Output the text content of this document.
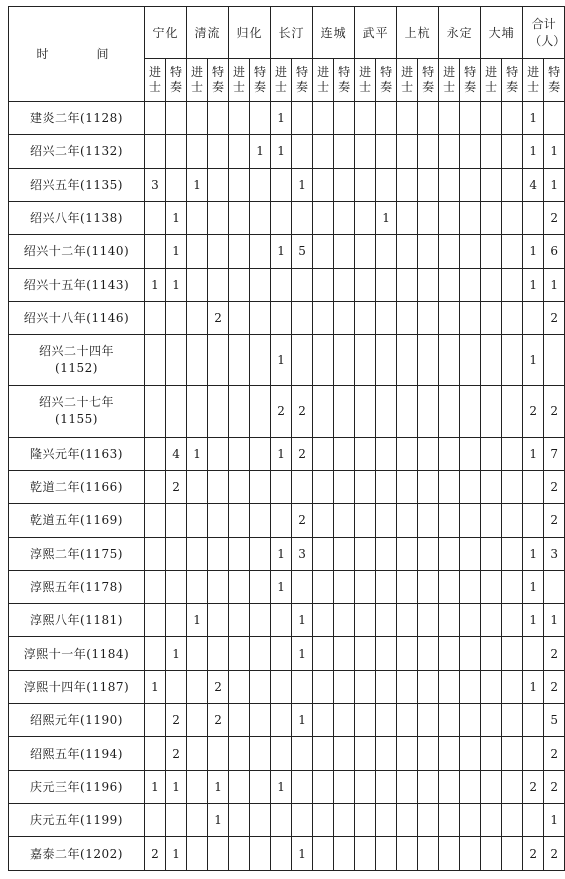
时　间	宁化		清流		归化		长汀		连城		武平		上杭		永定		大埔		合计（人）	
	进士	特奏	进士	特奏	进士	特奏	进士	特奏	进士	特奏	进士	特奏	进士	特奏	进士	特奏	进士	特奏	进士	特奏
建炎二年(1128)							1												1	
绍兴二年(1132)						1	1												1	1
绍兴五年(1135)	3		1					1											4	1
绍兴八年(1138)		1										1								2
绍兴十二年(1140)		1					1	5											1	6
绍兴十五年(1143)	1	1																	1	1
绍兴十八年(1146)				2																2
绍兴二十四年(1152)							1												1	
绍兴二十七年(1155)							2	2											2	2
隆兴元年(1163)		4	1				1	2											1	7
乾道二年(1166)		2																		2
乾道五年(1169)								2												2
淳熙二年(1175)							1	3											1	3
淳熙五年(1178)							1												1	
淳熙八年(1181)			1					1											1	1
淳熙十一年(1184)		1						1												2
淳熙十四年(1187)	1			2															1	2
绍熙元年(1190)		2		2				1												5
绍熙五年(1194)		2																		2
庆元三年(1196)	1	1		1			1												2	2
庆元五年(1199)				1																1
嘉泰二年(1202)	2	1						1											2	2
